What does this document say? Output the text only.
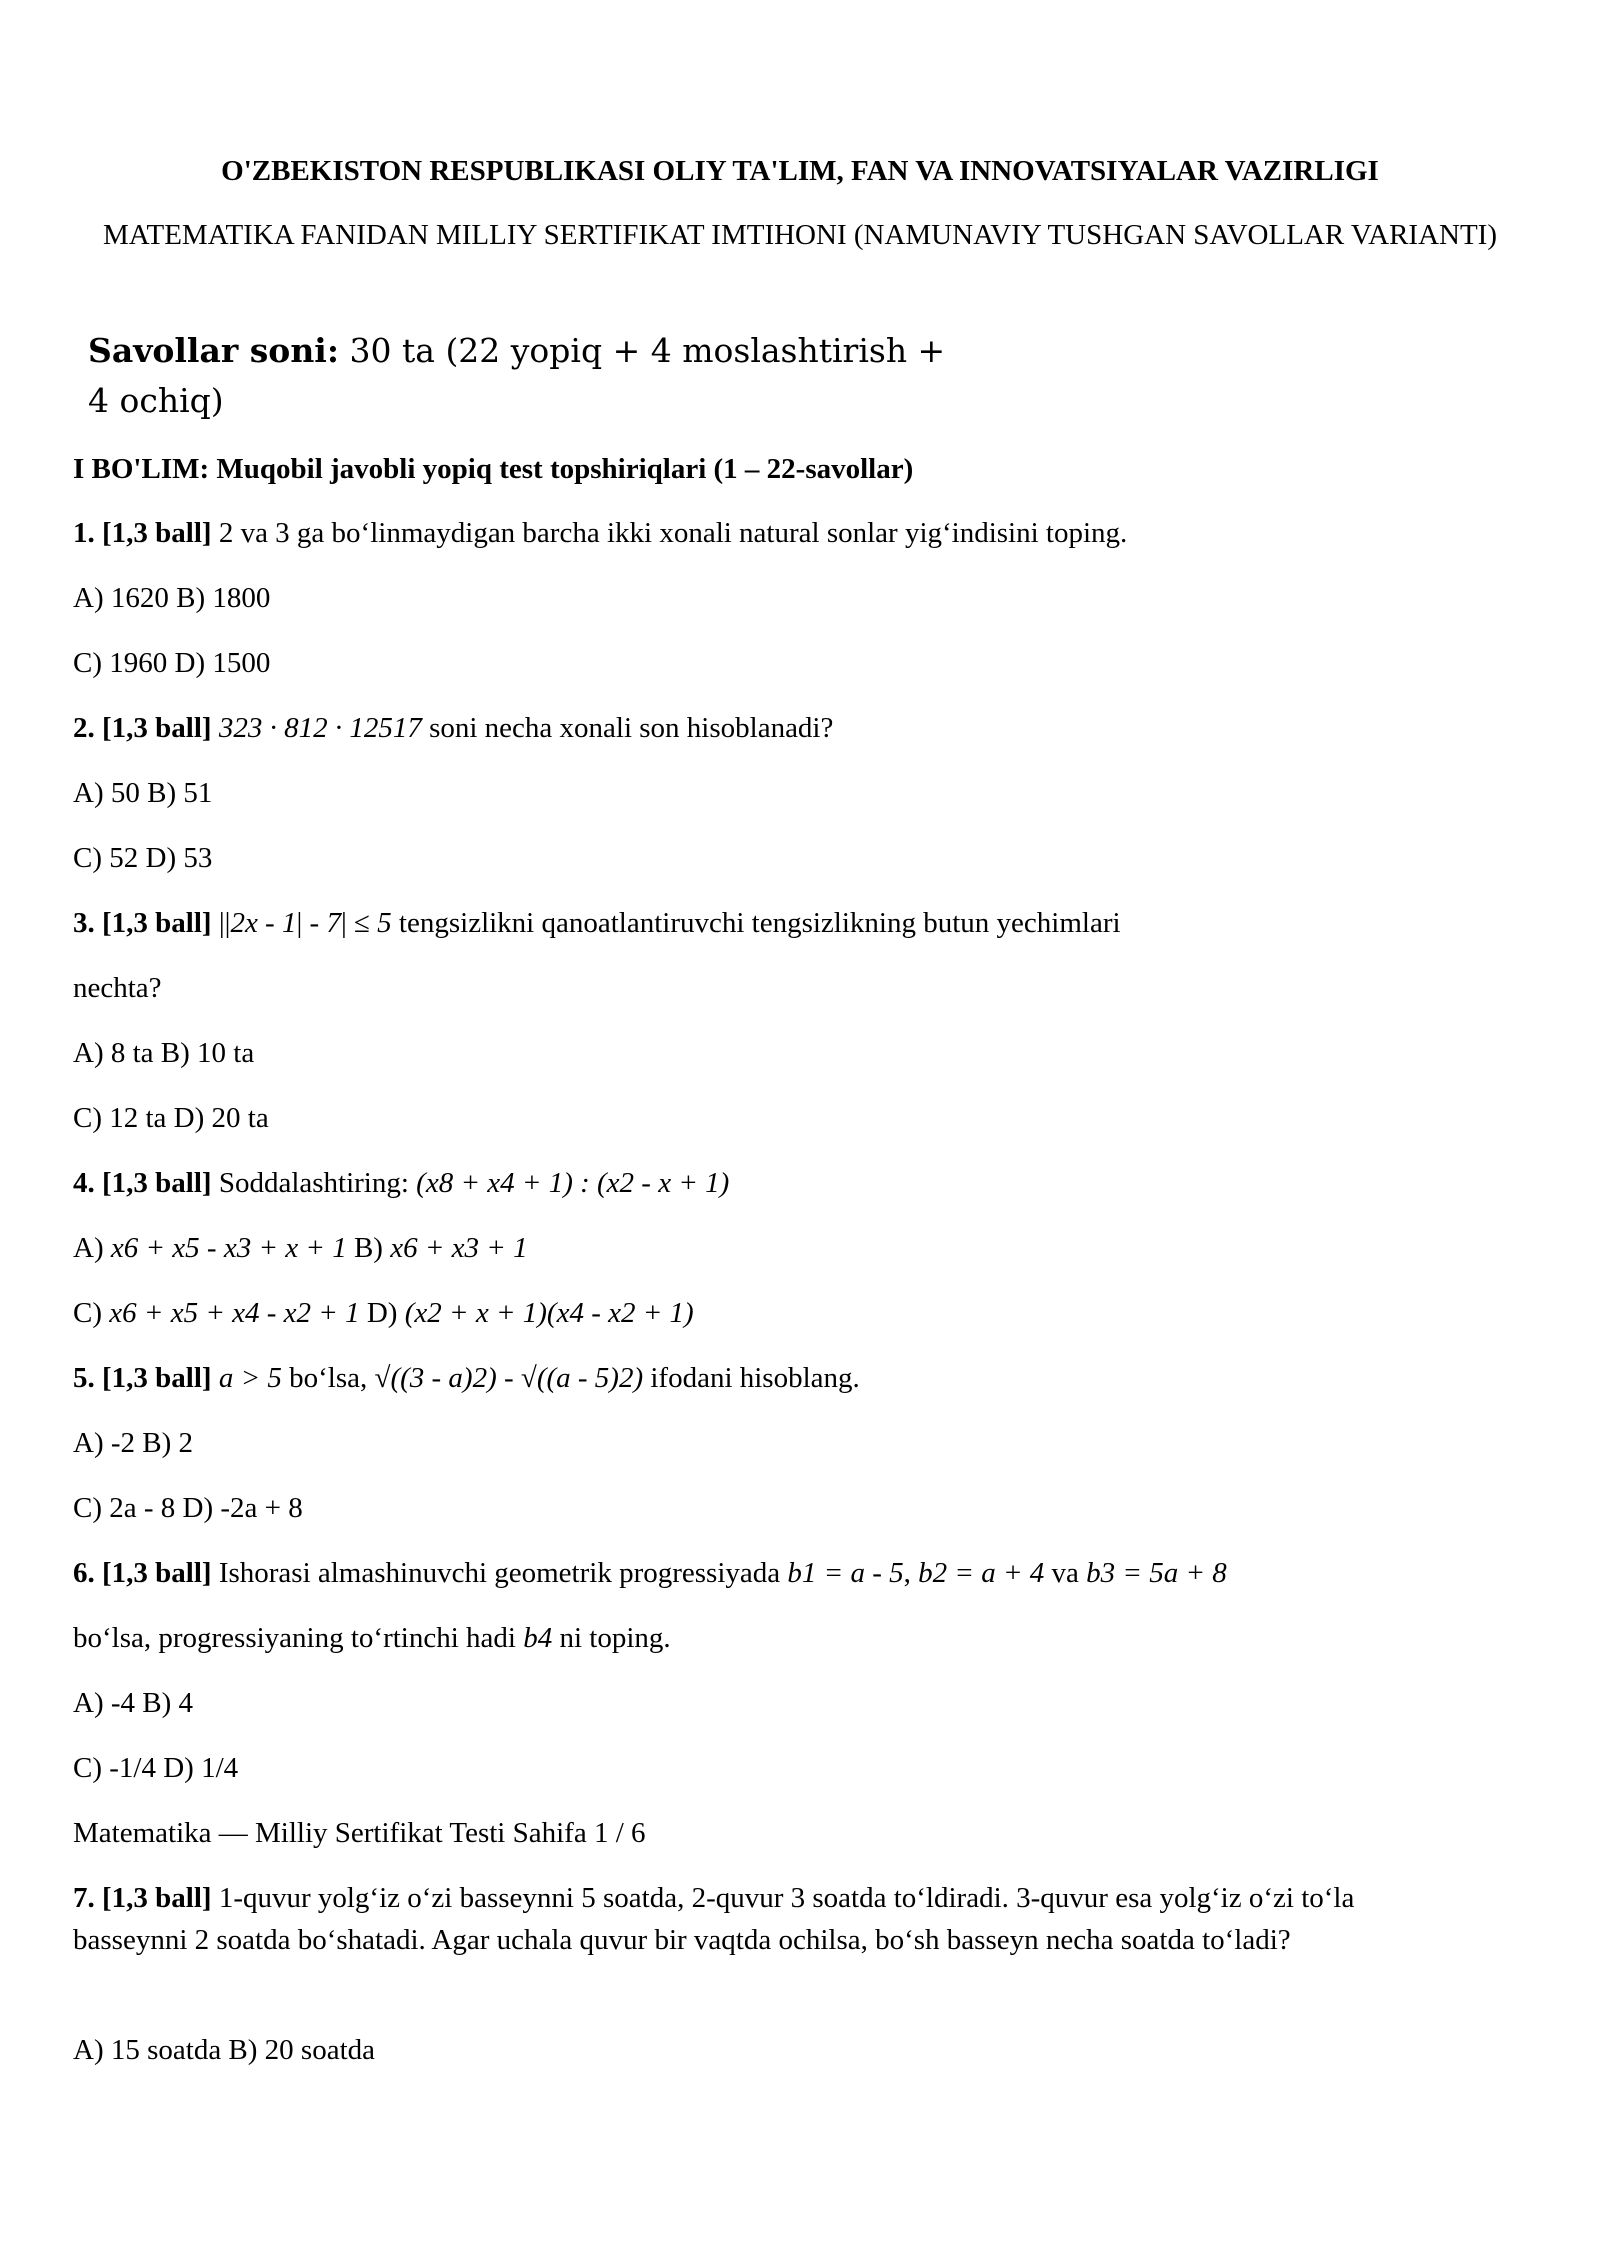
O'ZBEKISTON RESPUBLIKASI OLIY TA'LIM, FAN VA INNOVATSIYALAR VAZIRLIGI
MATEMATIKA FANIDAN MILLIY SERTIFIKAT IMTIHONI (NAMUNAVIY TUSHGAN SAVOLLAR VARIANTI)
Savollar soni: 30 ta (22 yopiq + 4 moslashtirish + 4 ochiq)
I BO'LIM: Muqobil javobli yopiq test topshiriqlari (1 – 22-savollar)
1. [1,3 ball] 2 va 3 ga bo‘linmaydigan barcha ikki xonali natural sonlar yig‘indisini toping.
A) 1620 B) 1800
C) 1960 D) 1500
2. [1,3 ball] 323 · 812 · 12517 soni necha xonali son hisoblanadi?
A) 50 B) 51
C) 52 D) 53
3. [1,3 ball] ||2x - 1| - 7| ≤ 5 tengsizlikni qanoatlantiruvchi tengsizlikning butun yechimlari
nechta?
A) 8 ta B) 10 ta
C) 12 ta D) 20 ta
4. [1,3 ball] Soddalashtiring: (x8 + x4 + 1) : (x2 - x + 1)
A) x6 + x5 - x3 + x + 1 B) x6 + x3 + 1
C) x6 + x5 + x4 - x2 + 1 D) (x2 + x + 1)(x4 - x2 + 1)
5. [1,3 ball] a > 5 bo‘lsa, √((3 - a)2) - √((a - 5)2) ifodani hisoblang.
A) -2 B) 2
C) 2a - 8 D) -2a + 8
6. [1,3 ball] Ishorasi almashinuvchi geometrik progressiyada b1 = a - 5, b2 = a + 4 va b3 = 5a + 8
bo‘lsa, progressiyaning to‘rtinchi hadi b4 ni toping.
A) -4 B) 4
C) -1/4 D) 1/4
Matematika — Milliy Sertifikat Testi Sahifa 1 / 6
7. [1,3 ball] 1-quvur yolg‘iz o‘zi basseynni 5 soatda, 2-quvur 3 soatda to‘ldiradi. 3-quvur esa yolg‘iz o‘zi to‘la basseynni 2 soatda bo‘shatadi. Agar uchala quvur bir vaqtda ochilsa, bo‘sh basseyn necha soatda to‘ladi?
A) 15 soatda B) 20 soatda
